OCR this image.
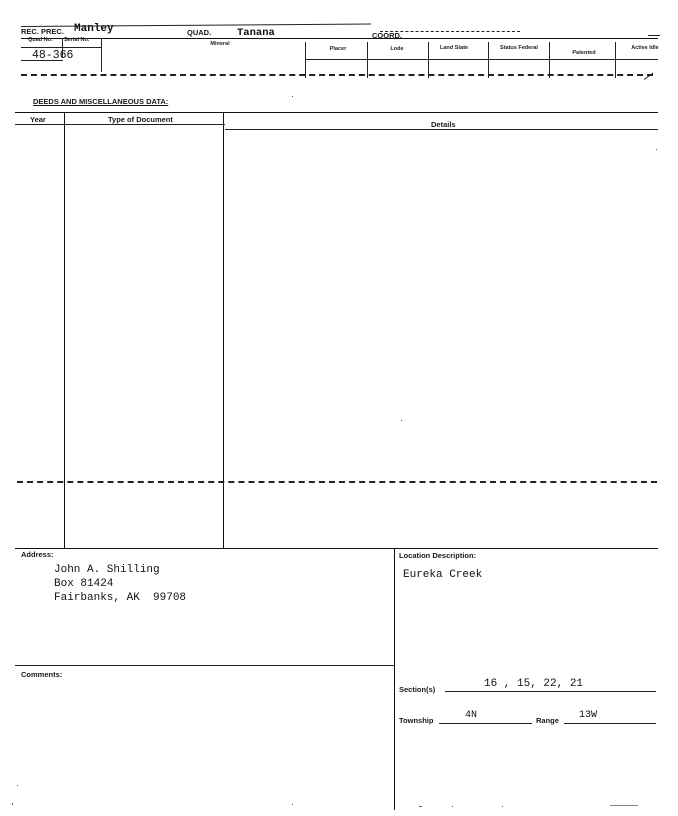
REC. PREC. Manley	QUAD. Tanana	COORD.
Quad No. Serial No.
Mineral
Placer	Lode	Land State	Status Federal
Patented
Active Idle
48-366
DEEDS AND MISCELLANEOUS DATA:
Year	Type of Document
Details
Address:
John A. Shilling
Box 81424
Fairbanks, AK  99708
Location Description:
Eureka Creek
Comments:
Section(s)	16 , 15, 22, 21
Township	4N	Range 13W
